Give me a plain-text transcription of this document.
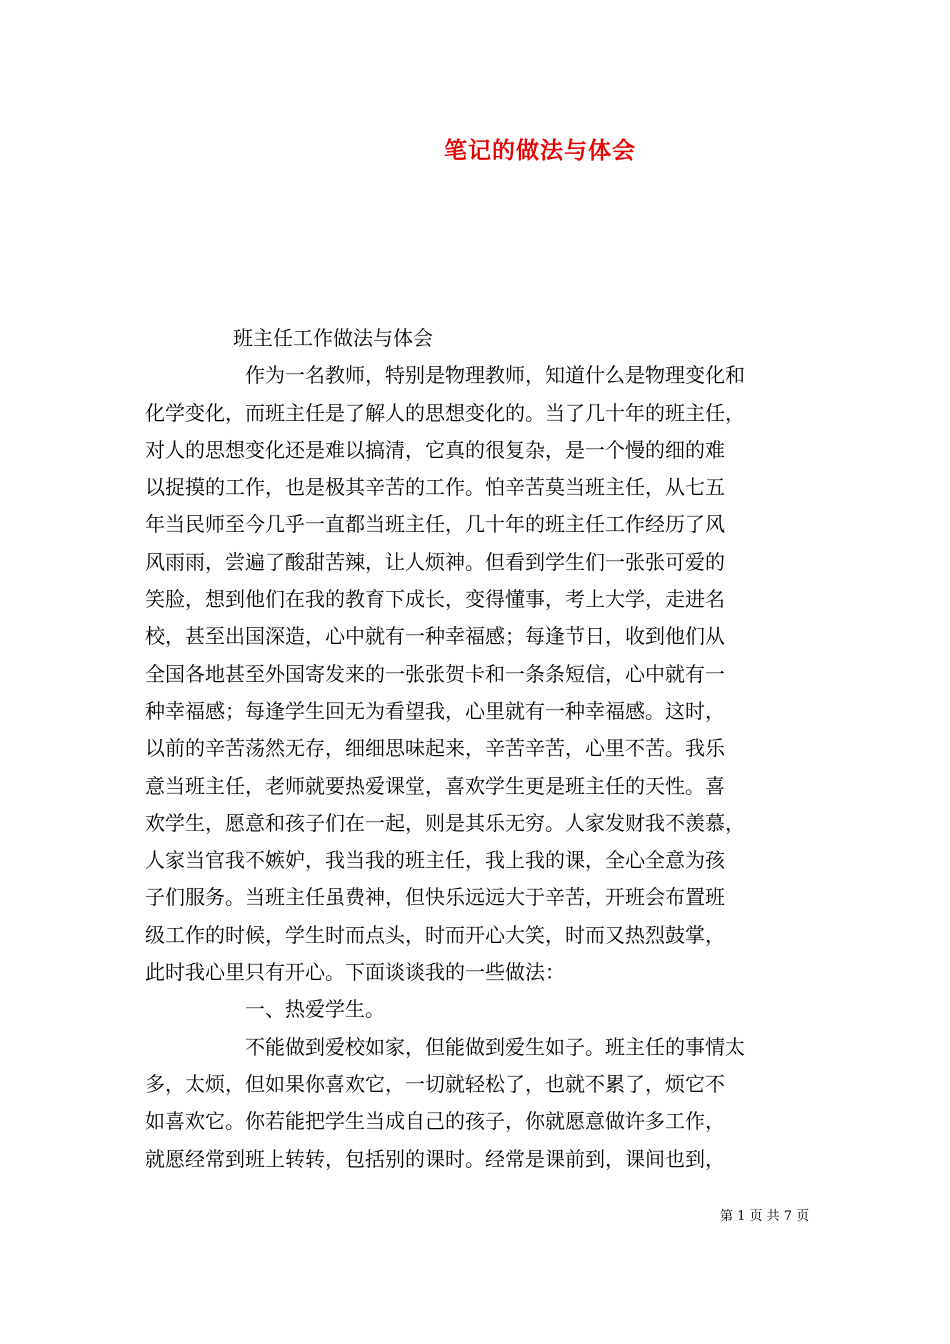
笔记的做法与体会
班主任工作做法与体会
作为一名教师，特别是物理教师，知道什么是物理变化和
化学变化，而班主任是了解人的思想变化的。当了几十年的班主任，
对人的思想变化还是难以搞清，它真的很复杂，是一个慢的细的难
以捉摸的工作，也是极其辛苦的工作。怕辛苦莫当班主任，从七五
年当民师至今几乎一直都当班主任，几十年的班主任工作经历了风
风雨雨，尝遍了酸甜苦辣，让人烦神。但看到学生们一张张可爱的
笑脸，想到他们在我的教育下成长，变得懂事，考上大学，走进名
校，甚至出国深造，心中就有一种幸福感；每逢节日，收到他们从
全国各地甚至外国寄发来的一张张贺卡和一条条短信，心中就有一
种幸福感；每逢学生回无为看望我，心里就有一种幸福感。这时，
以前的辛苦荡然无存，细细思味起来，辛苦辛苦，心里不苦。我乐
意当班主任，老师就要热爱课堂，喜欢学生更是班主任的天性。喜
欢学生，愿意和孩子们在一起，则是其乐无穷。人家发财我不羡慕，
人家当官我不嫉妒，我当我的班主任，我上我的课，全心全意为孩
子们服务。当班主任虽费神，但快乐远远大于辛苦，开班会布置班
级工作的时候，学生时而点头，时而开心大笑，时而又热烈鼓掌，
此时我心里只有开心。下面谈谈我的一些做法：
一、热爱学生。
不能做到爱校如家，但能做到爱生如子。班主任的事情太
多，太烦，但如果你喜欢它，一切就轻松了，也就不累了，烦它不
如喜欢它。你若能把学生当成自己的孩子，你就愿意做许多工作，
就愿经常到班上转转，包括别的课时。经常是课前到，课间也到，
第 1 页 共 7 页
